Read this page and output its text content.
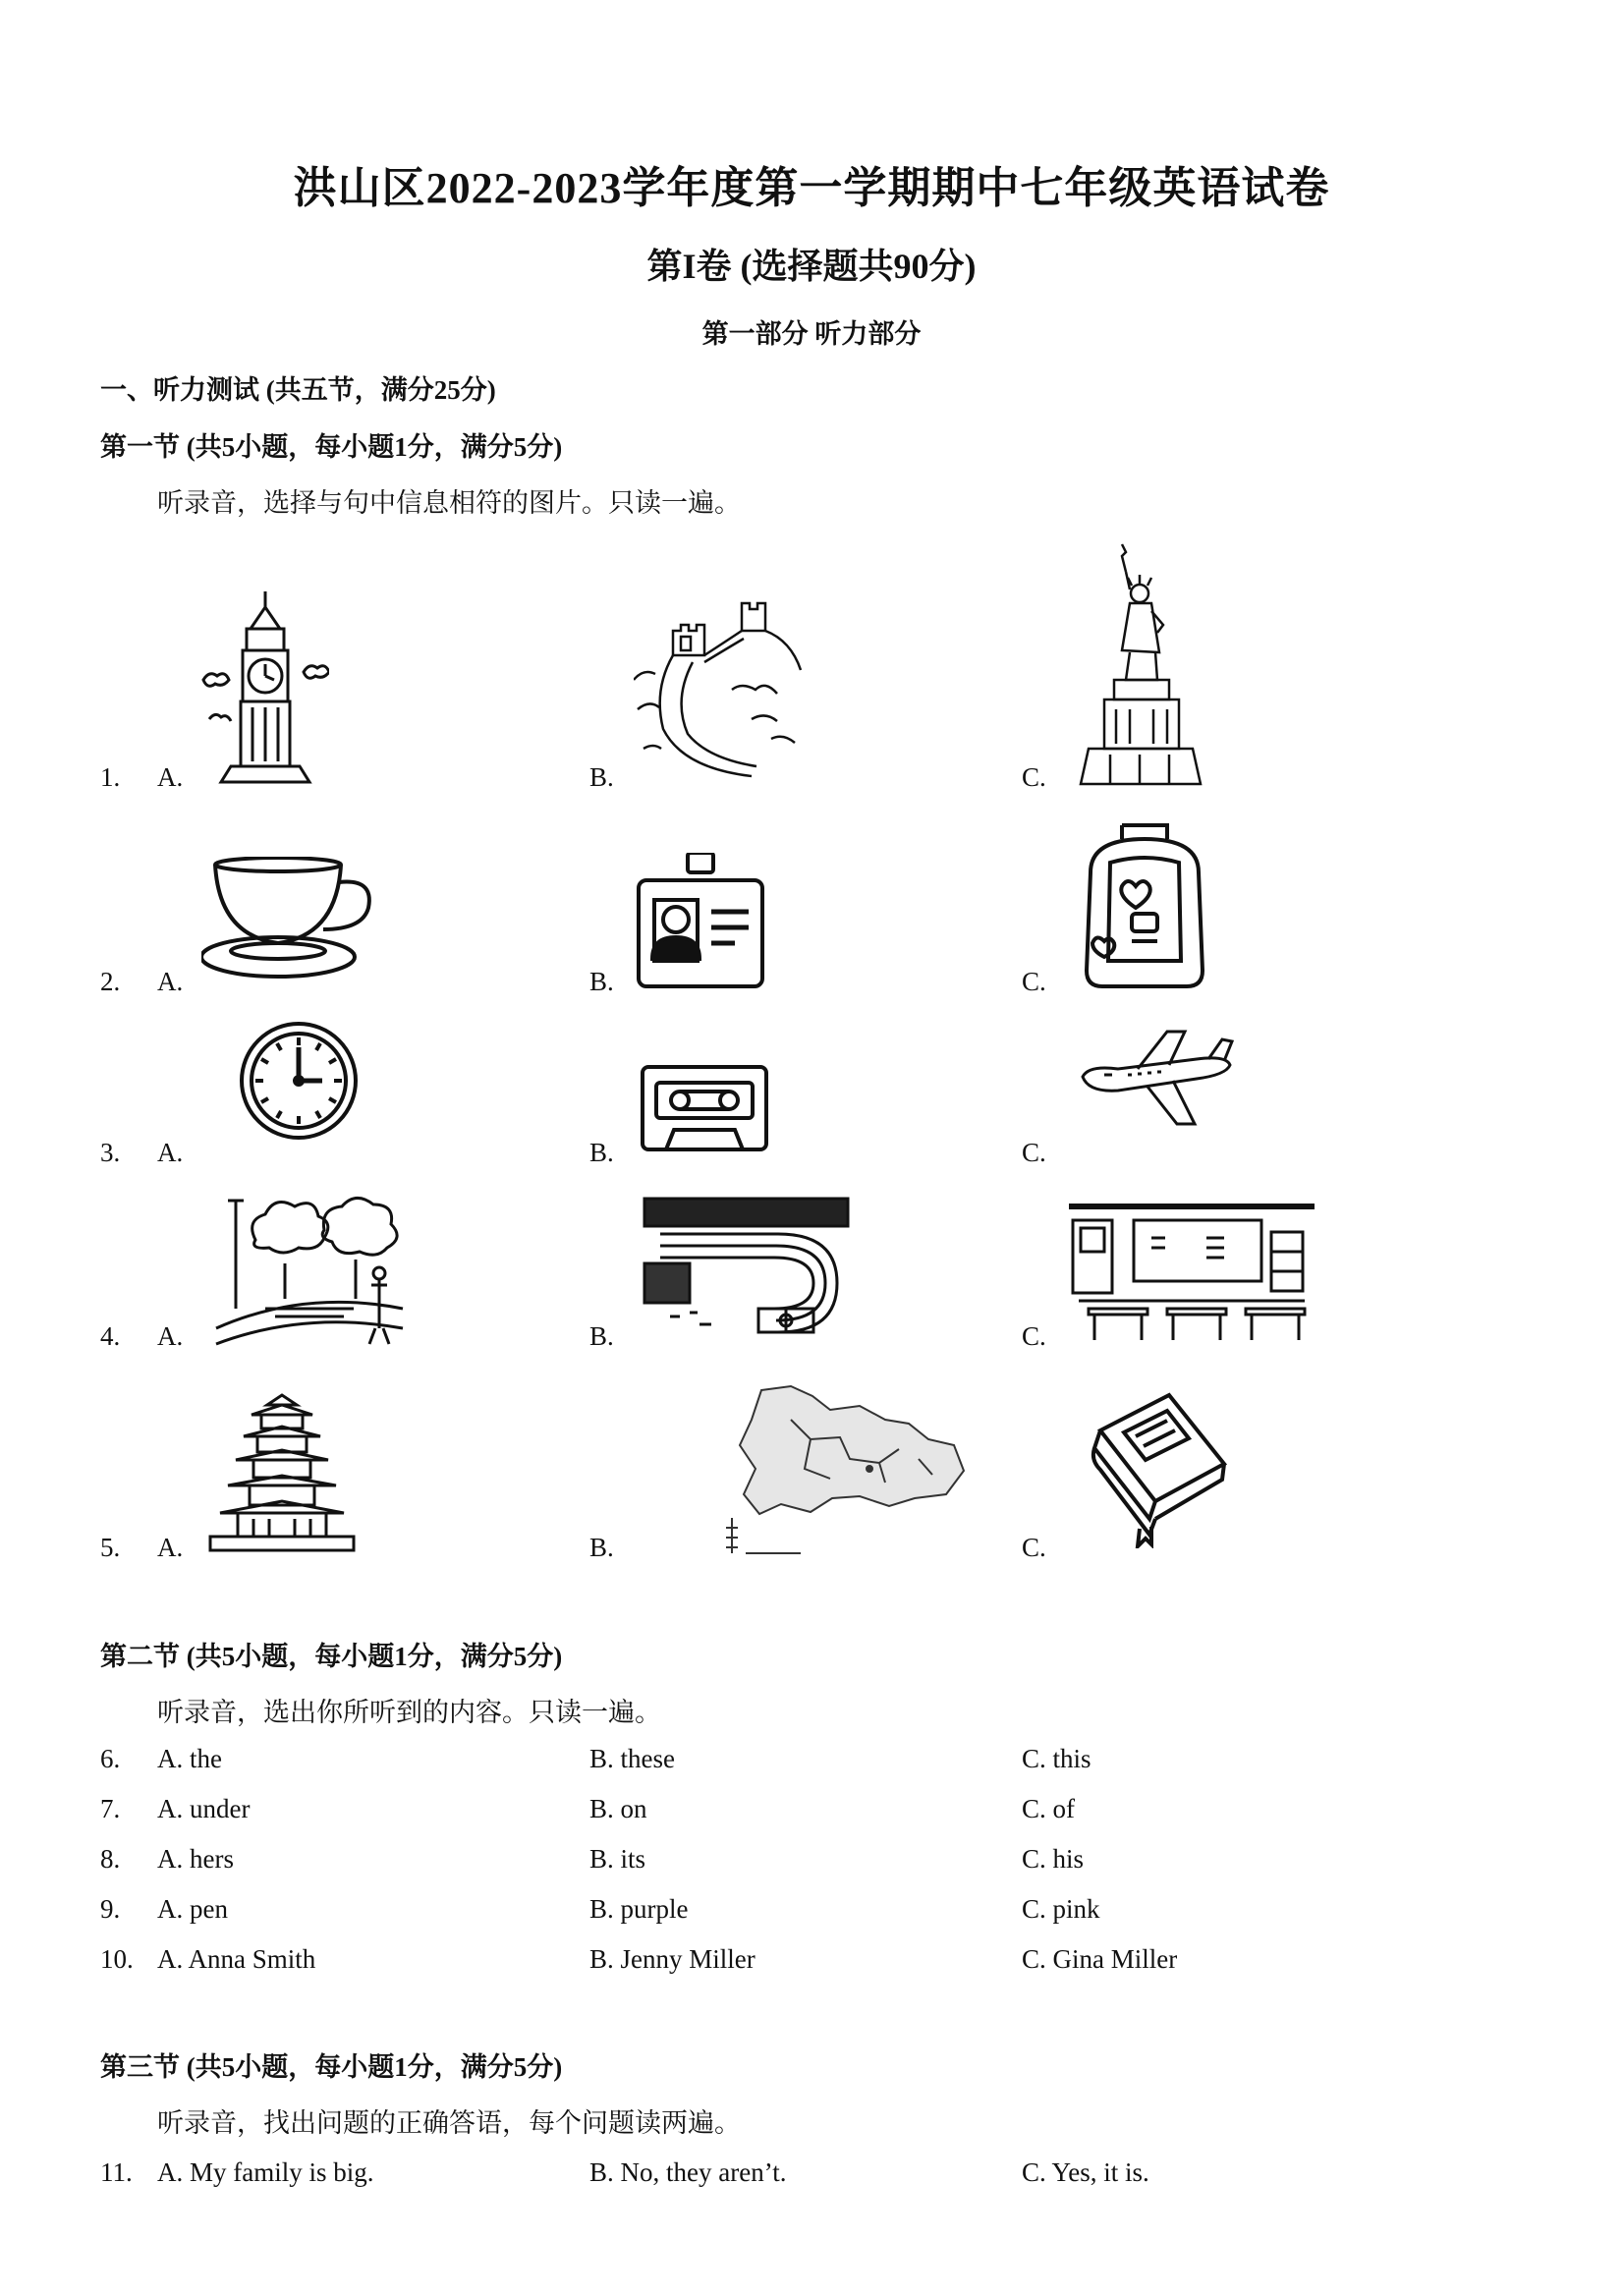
洪山区2022-2023学年度第一学期期中七年级英语试卷
第I卷 (选择题共90分)
第一部分 听力部分
一、听力测试 (共五节，满分25分)
第一节 (共5小题，每小题1分，满分5分)
听录音，选择与句中信息相符的图片。只读一遍。
1. A.	B.	C.
2. A.	B.	C.
3. A.	B.	C.
4. A.	B.	C.
5. A.	B.	C.
第二节 (共5小题，每小题1分，满分5分)
听录音，选出你所听到的内容。只读一遍。
6. A. the	B. these	C. this
7. A. under	B. on	C. of
8. A. hers	B. its	C. his
9. A. pen	B. purple	C. pink
10. A. Anna Smith	B. Jenny Miller	C. Gina Miller
第三节 (共5小题，每小题1分，满分5分)
听录音，找出问题的正确答语，每个问题读两遍。
11. A. My family is big.	B. No, they aren’t.	C. Yes, it is.
